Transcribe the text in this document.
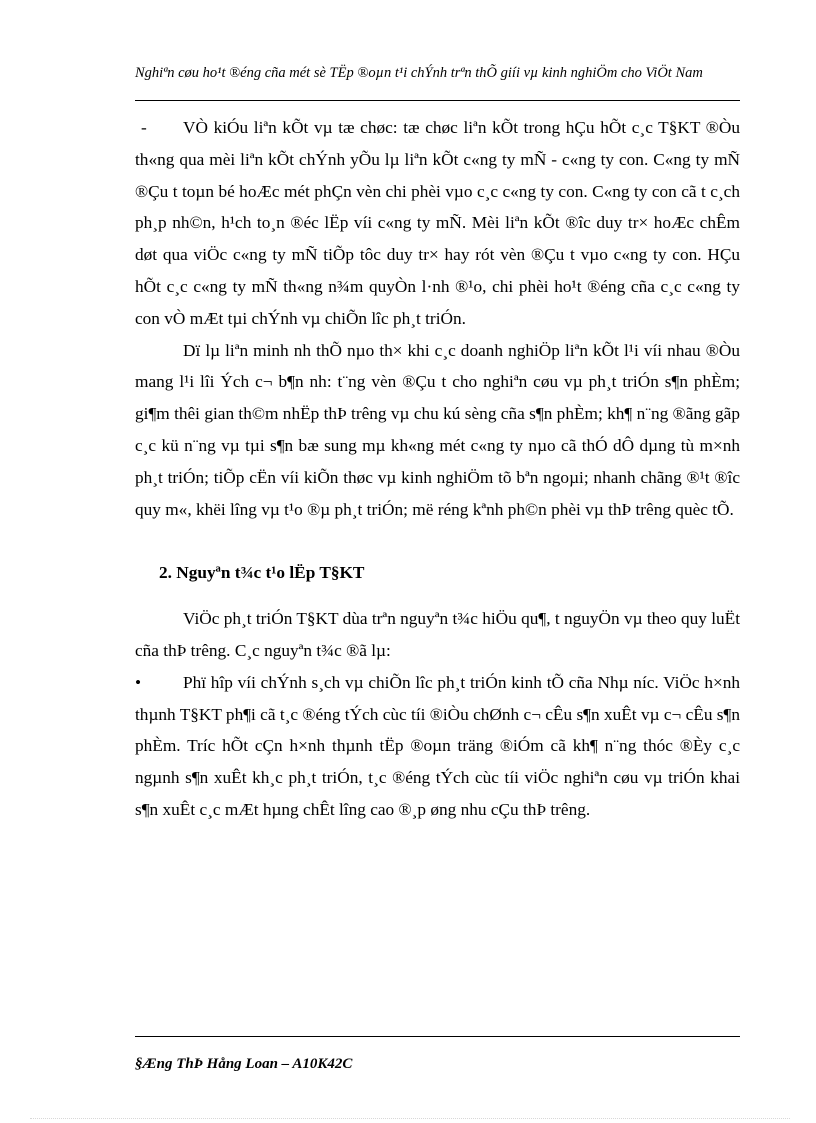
Nghiªn cøu ho¹t ®éng cña mét sè TËp ®oµn t¹i chÝnh trªn thÕ giíi vµ kinh nghiÖm cho ViÖt Nam

- VÒ kiÓu liªn kÕt vµ tæ chøc: tæ chøc liªn kÕt trong hÇu hÕt c¸c T§KT ®Òu th«ng qua mèi liªn kÕt chÝnh yÕu lµ liªn kÕt c«ng ty mÑ - c«ng ty con. C«ng ty mÑ ®Çu t toµn bé hoÆc mét phÇn vèn chi phèi vµo c¸c c«ng ty con. C«ng ty con cã t c¸ch ph¸p nh©n, h¹ch to¸n ®éc lËp víi c«ng ty mÑ. Mèi liªn kÕt ®îc duy tr× hoÆc chÊm døt qua viÖc c«ng ty mÑ tiÕp tôc duy tr× hay rót vèn ®Çu t vµo c«ng ty con. HÇu hÕt c¸c c«ng ty mÑ th«ng n¾m quyÒn l·nh ®¹o, chi phèi ho¹t ®éng cña c¸c c«ng ty con vÒ mÆt tµi chÝnh vµ chiÕn lîc ph¸t triÓn.

Dï lµ liªn minh nh thÕ nµo th× khi c¸c doanh nghiÖp liªn kÕt l¹i víi nhau ®Òu mang l¹i lîi Ých c¬ b¶n nh: t¨ng vèn ®Çu t cho nghiªn cøu vµ ph¸t triÓn s¶n phÈm; gi¶m thêi gian th©m nhËp thÞ trêng vµ chu kú sèng cña s¶n phÈm; kh¶ n¨ng ®ãng gãp c¸c kü n¨ng vµ tµi s¶n bæ sung mµ kh«ng mét c«ng ty nµo cã thÓ dÔ dµng tù m×nh ph¸t triÓn; tiÕp cËn víi kiÕn thøc vµ kinh nghiÖm tõ bªn ngoµi; nhanh chãng ®¹t ®îc quy m«, khëi lîng vµ t¹o ®µ ph¸t triÓn; më réng kªnh ph©n phèi vµ thÞ trêng quèc tÕ.

2. Nguyªn t¾c t¹o lËp T§KT

ViÖc ph¸t triÓn T§KT dùa trªn nguyªn t¾c hiÖu qu¶, t nguyÖn vµ theo quy luËt cña thÞ trêng. C¸c nguyªn t¾c ®ã lµ:

• Phï hîp víi chÝnh s¸ch vµ chiÕn lîc ph¸t triÓn kinh tÕ cña Nhµ níc. ViÖc h×nh thµnh T§KT ph¶i cã t¸c ®éng tÝch cùc tíi ®iÒu chØnh c¬ cÊu s¶n xuÊt vµ c¬ cÊu s¶n phÈm. Tríc hÕt cÇn h×nh thµnh tËp ®oµn träng ®iÓm cã kh¶ n¨ng thóc ®Èy c¸c ngµnh s¶n xuÊt kh¸c ph¸t triÓn, t¸c ®éng tÝch cùc tíi viÖc nghiªn cøu vµ triÓn khai s¶n xuÊt c¸c mÆt hµng chÊt lîng cao ®¸p øng nhu cÇu thÞ trêng.

§Æng ThÞ Hång Loan – A10K42C
